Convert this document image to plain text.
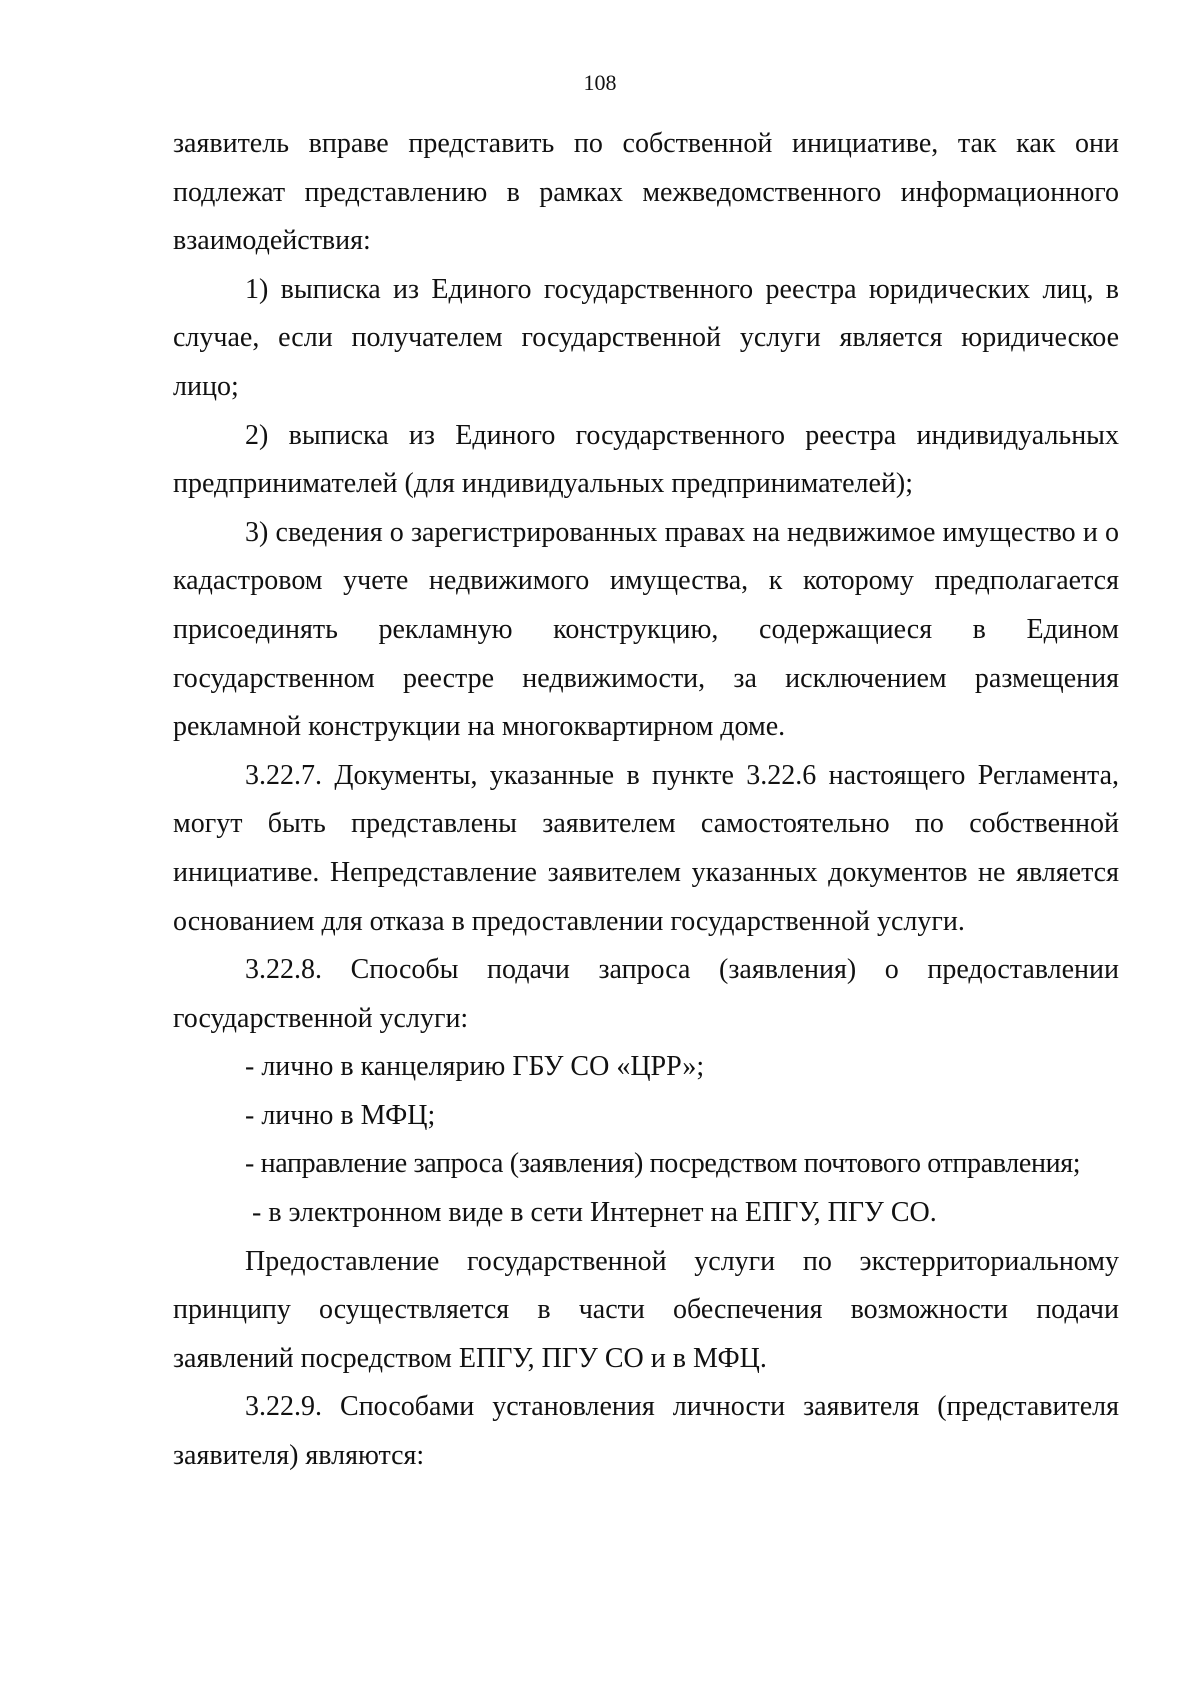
108

заявитель вправе представить по собственной инициативе, так как они подлежат представлению в рамках межведомственного информационного взаимодействия:

1) выписка из Единого государственного реестра юридических лиц, в случае, если получателем государственной услуги является юридическое лицо;

2) выписка из Единого государственного реестра индивидуальных предпринимателей (для индивидуальных предпринимателей);

3) сведения о зарегистрированных правах на недвижимое имущество и о кадастровом учете недвижимого имущества, к которому предполагается присоединять рекламную конструкцию, содержащиеся в Едином государственном реестре недвижимости, за исключением размещения рекламной конструкции на многоквартирном доме.

3.22.7. Документы, указанные в пункте 3.22.6 настоящего Регламента, могут быть представлены заявителем самостоятельно по собственной инициативе. Непредставление заявителем указанных документов не является основанием для отказа в предоставлении государственной услуги.

3.22.8. Способы подачи запроса (заявления) о предоставлении государственной услуги:

- лично в канцелярию ГБУ СО «ЦРР»;

- лично в МФЦ;

- направление запроса (заявления) посредством почтового отправления;

- в электронном виде в сети Интернет на ЕПГУ, ПГУ СО.

Предоставление государственной услуги по экстерриториальному принципу осуществляется в части обеспечения возможности подачи заявлений посредством ЕПГУ, ПГУ СО и в МФЦ.

3.22.9. Способами установления личности заявителя (представителя заявителя) являются:
